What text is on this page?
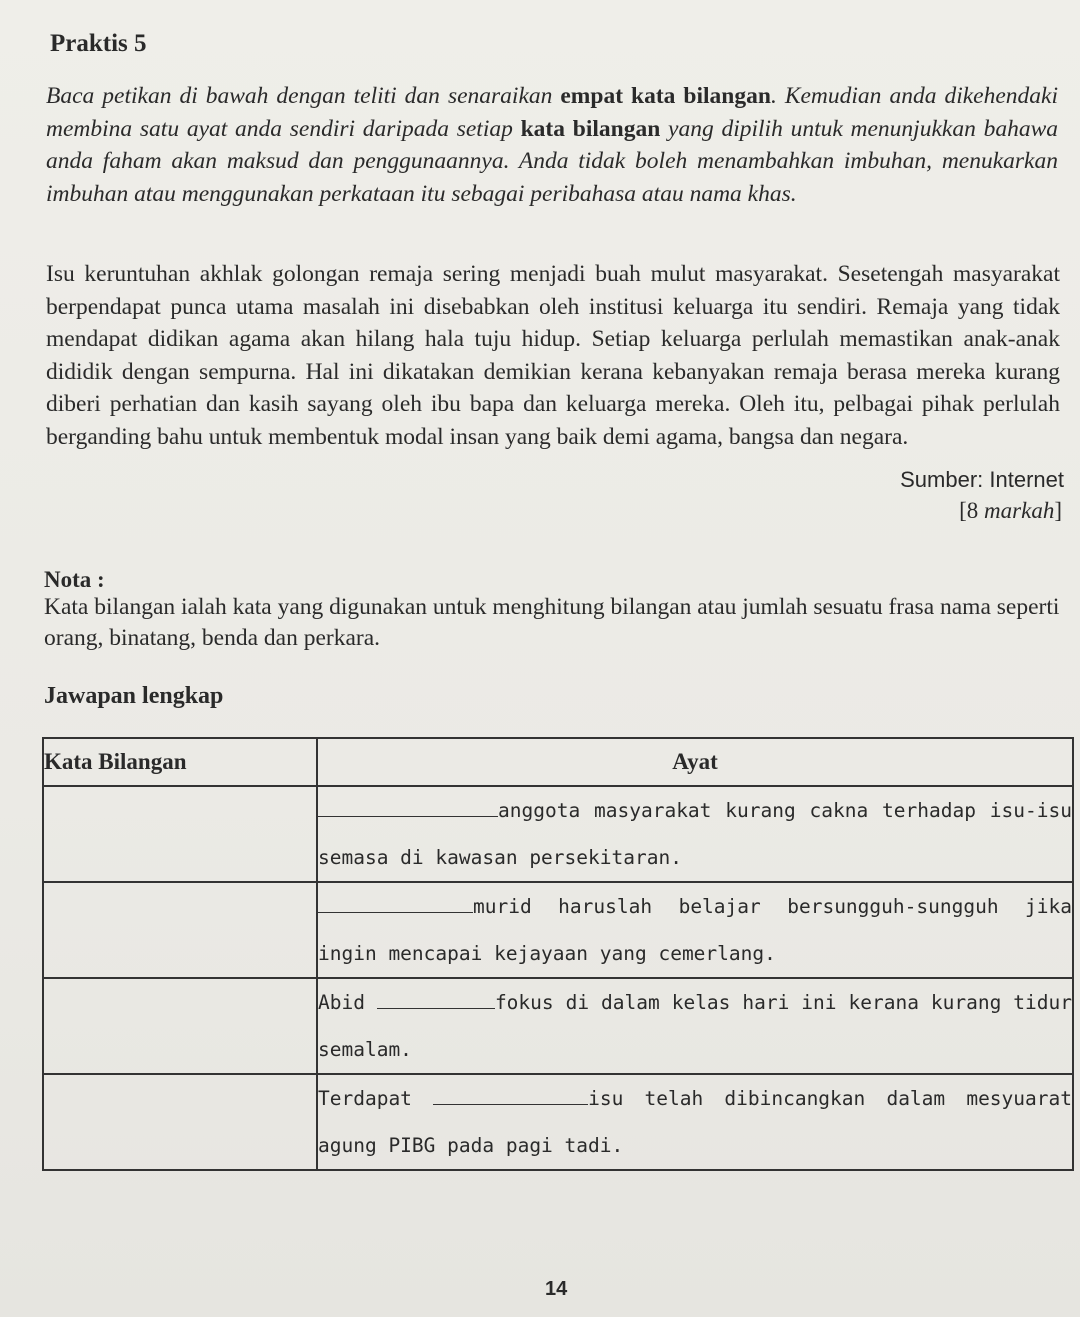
Praktis 5
Baca petikan di bawah dengan teliti dan senaraikan empat kata bilangan. Kemudian anda dikehendaki membina satu ayat anda sendiri daripada setiap kata bilangan yang dipilih untuk menunjukkan bahawa anda faham akan maksud dan penggunaannya. Anda tidak boleh menambahkan imbuhan, menukarkan imbuhan atau menggunakan perkataan itu sebagai peribahasa atau nama khas.
Isu keruntuhan akhlak golongan remaja sering menjadi buah mulut masyarakat. Sesetengah masyarakat berpendapat punca utama masalah ini disebabkan oleh institusi keluarga itu sendiri. Remaja yang tidak mendapat didikan agama akan hilang hala tuju hidup. Setiap keluarga perlulah memastikan anak-anak dididik dengan sempurna. Hal ini dikatakan demikian kerana kebanyakan remaja berasa mereka kurang diberi perhatian dan kasih sayang oleh ibu bapa dan keluarga mereka. Oleh itu, pelbagai pihak perlulah berganding bahu untuk membentuk modal insan yang baik demi agama, bangsa dan negara.
Sumber: Internet
[8 markah]
Nota :
Kata bilangan ialah kata yang digunakan untuk menghitung bilangan atau jumlah sesuatu frasa nama seperti orang, binatang, benda dan perkara.
Jawapan lengkap
Kata Bilangan	Ayat
	anggota masyarakat kurang cakna terhadap isu-isu semasa di kawasan persekitaran.
	murid haruslah belajar bersungguh-sungguh jika ingin mencapai kejayaan yang cemerlang.
	Abid fokus di dalam kelas hari ini kerana kurang tidur semalam.
	Terdapat isu telah dibincangkan dalam mesyuarat agung PIBG pada pagi tadi.
14
